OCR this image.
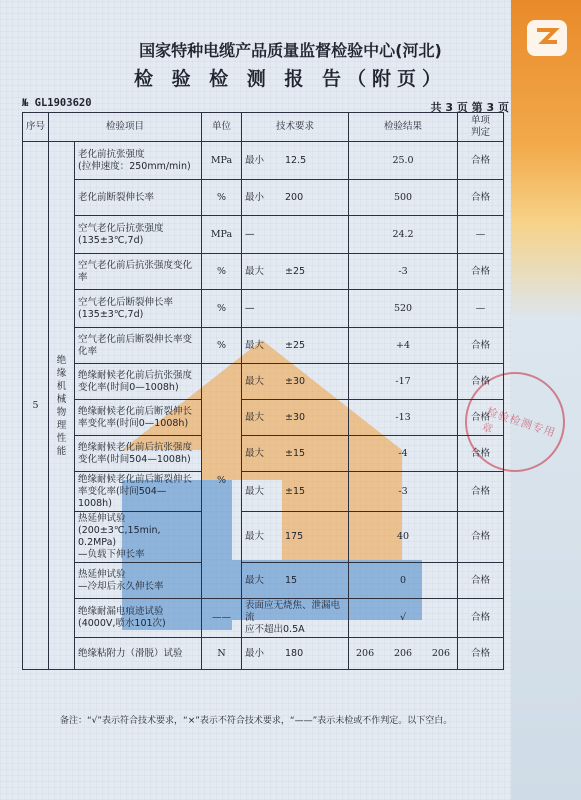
检验检测专用章
国家特种电缆产品质量监督检验中心(河北)
检 验 检 测 报 告（附页）
№ GL1903620	共 3 页 第 3 页
序号	检验项目		单位	技术要求	检验结果	单项
判定
5	绝缘机械物理性能	老化前抗张强度
(拉伸速度：250mm/min)	MPa	最小 12.5	25.0	合格
		老化前断裂伸长率	%	最小 200	500	合格
		空气老化后抗张强度
(135±3℃,7d)	MPa	—	24.2	—
		空气老化前后抗张强度变化率	%	最大 ±25	-3	合格
		空气老化后断裂伸长率
(135±3℃,7d)	%	—	520	—
		空气老化前后断裂伸长率变化率	%	最大 ±25	+4	合格
		绝缘耐候老化前后抗张强度变化率(时间0—1008h)	%	最大 ±30	-17	合格
		绝缘耐候老化前后断裂伸长率变化率(时间0—1008h)		最大 ±30	-13	合格
		绝缘耐候老化前后抗张强度变化率(时间504—1008h)		最大 ±15	-4	合格
		绝缘耐候老化前后断裂伸长率变化率(时间504—1008h)		最大 ±15	-3	合格
		热延伸试验
(200±3℃,15min, 0.2MPa)
—负载下伸长率		最大 175	40	合格
		热延伸试验
—冷却后永久伸长率		最大 15	0	合格
		绝缘耐漏电痕迹试验
(4000V,喷水101次)	——	表面应无烧焦、泄漏电流
应不超出0.5A	√	合格
		绝缘粘附力（滑脱）试验	N	最小 180	206 206 206	合格
备注：“√”表示符合技术要求，“×”表示不符合技术要求，“——”表示未检或不作判定。以下空白。
